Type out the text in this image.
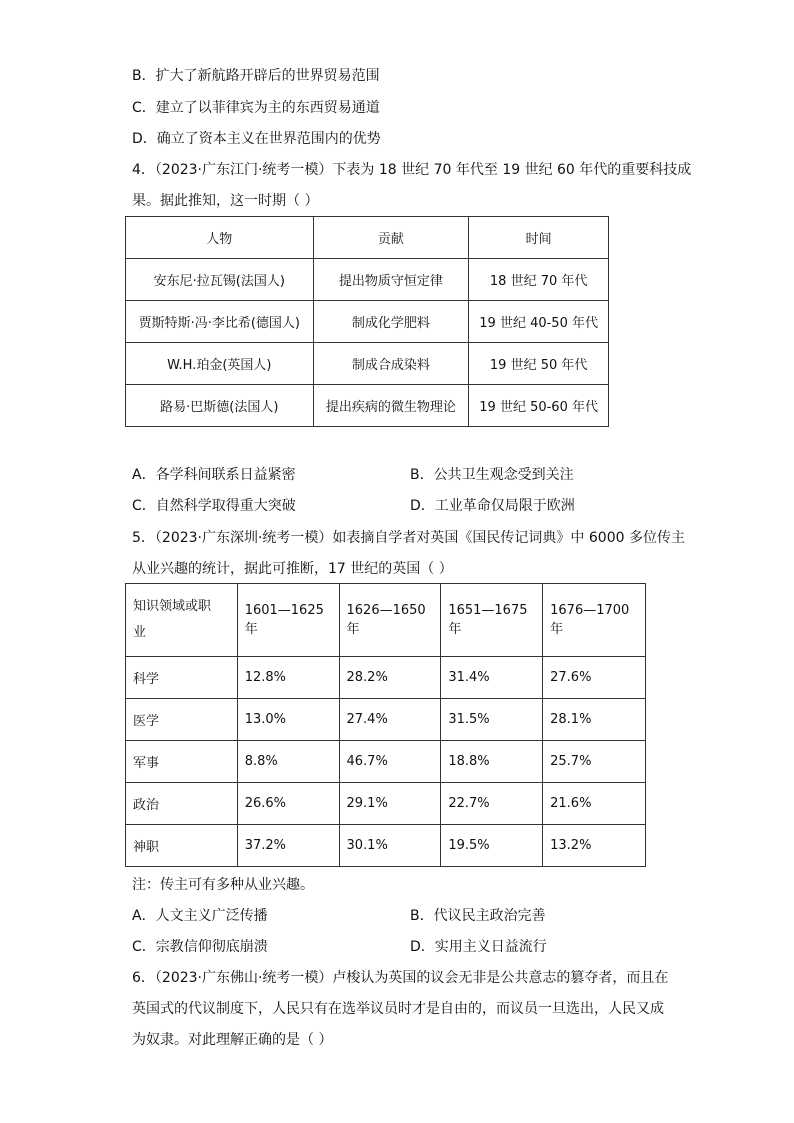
B．扩大了新航路开辟后的世界贸易范围
C．建立了以菲律宾为主的东西贸易通道
D．确立了资本主义在世界范围内的优势
4．（2023·广东江门·统考一模）下表为 18 世纪 70 年代至 19 世纪 60 年代的重要科技成
果。据此推知，这一时期（ ）
人物	贡献	时间
安东尼·拉瓦锡(法国人)	提出物质守恒定律	18 世纪 70 年代
贾斯特斯·冯·李比希(德国人)	制成化学肥料	19 世纪 40-50 年代
W.H.珀金(英国人)	制成合成染料	19 世纪 50 年代
路易·巴斯德(法国人)	提出疾病的微生物理论	19 世纪 50-60 年代
A．各学科间联系日益紧密	B．公共卫生观念受到关注
C．自然科学取得重大突破	D．工业革命仅局限于欧洲
5．（2023·广东深圳·统考一模）如表摘自学者对英国《国民传记词典》中 6000 多位传主
从业兴趣的统计，据此可推断，17 世纪的英国（ ）
知识领域或职
业	1601—1625 年	1626—1650 年	1651—1675 年	1676—1700 年
科学	12.8%	28.2%	31.4%	27.6%
医学	13.0%	27.4%	31.5%	28.1%
军事	8.8%	46.7%	18.8%	25.7%
政治	26.6%	29.1%	22.7%	21.6%
神职	37.2%	30.1%	19.5%	13.2%
注：传主可有多种从业兴趣。
A．人文主义广泛传播	B．代议民主政治完善
C．宗教信仰彻底崩溃	D．实用主义日益流行
6．（2023·广东佛山·统考一模）卢梭认为英国的议会无非是公共意志的篡夺者，而且在
英国式的代议制度下，人民只有在选举议员时才是自由的，而议员一旦选出，人民又成
为奴隶。对此理解正确的是（ ）
